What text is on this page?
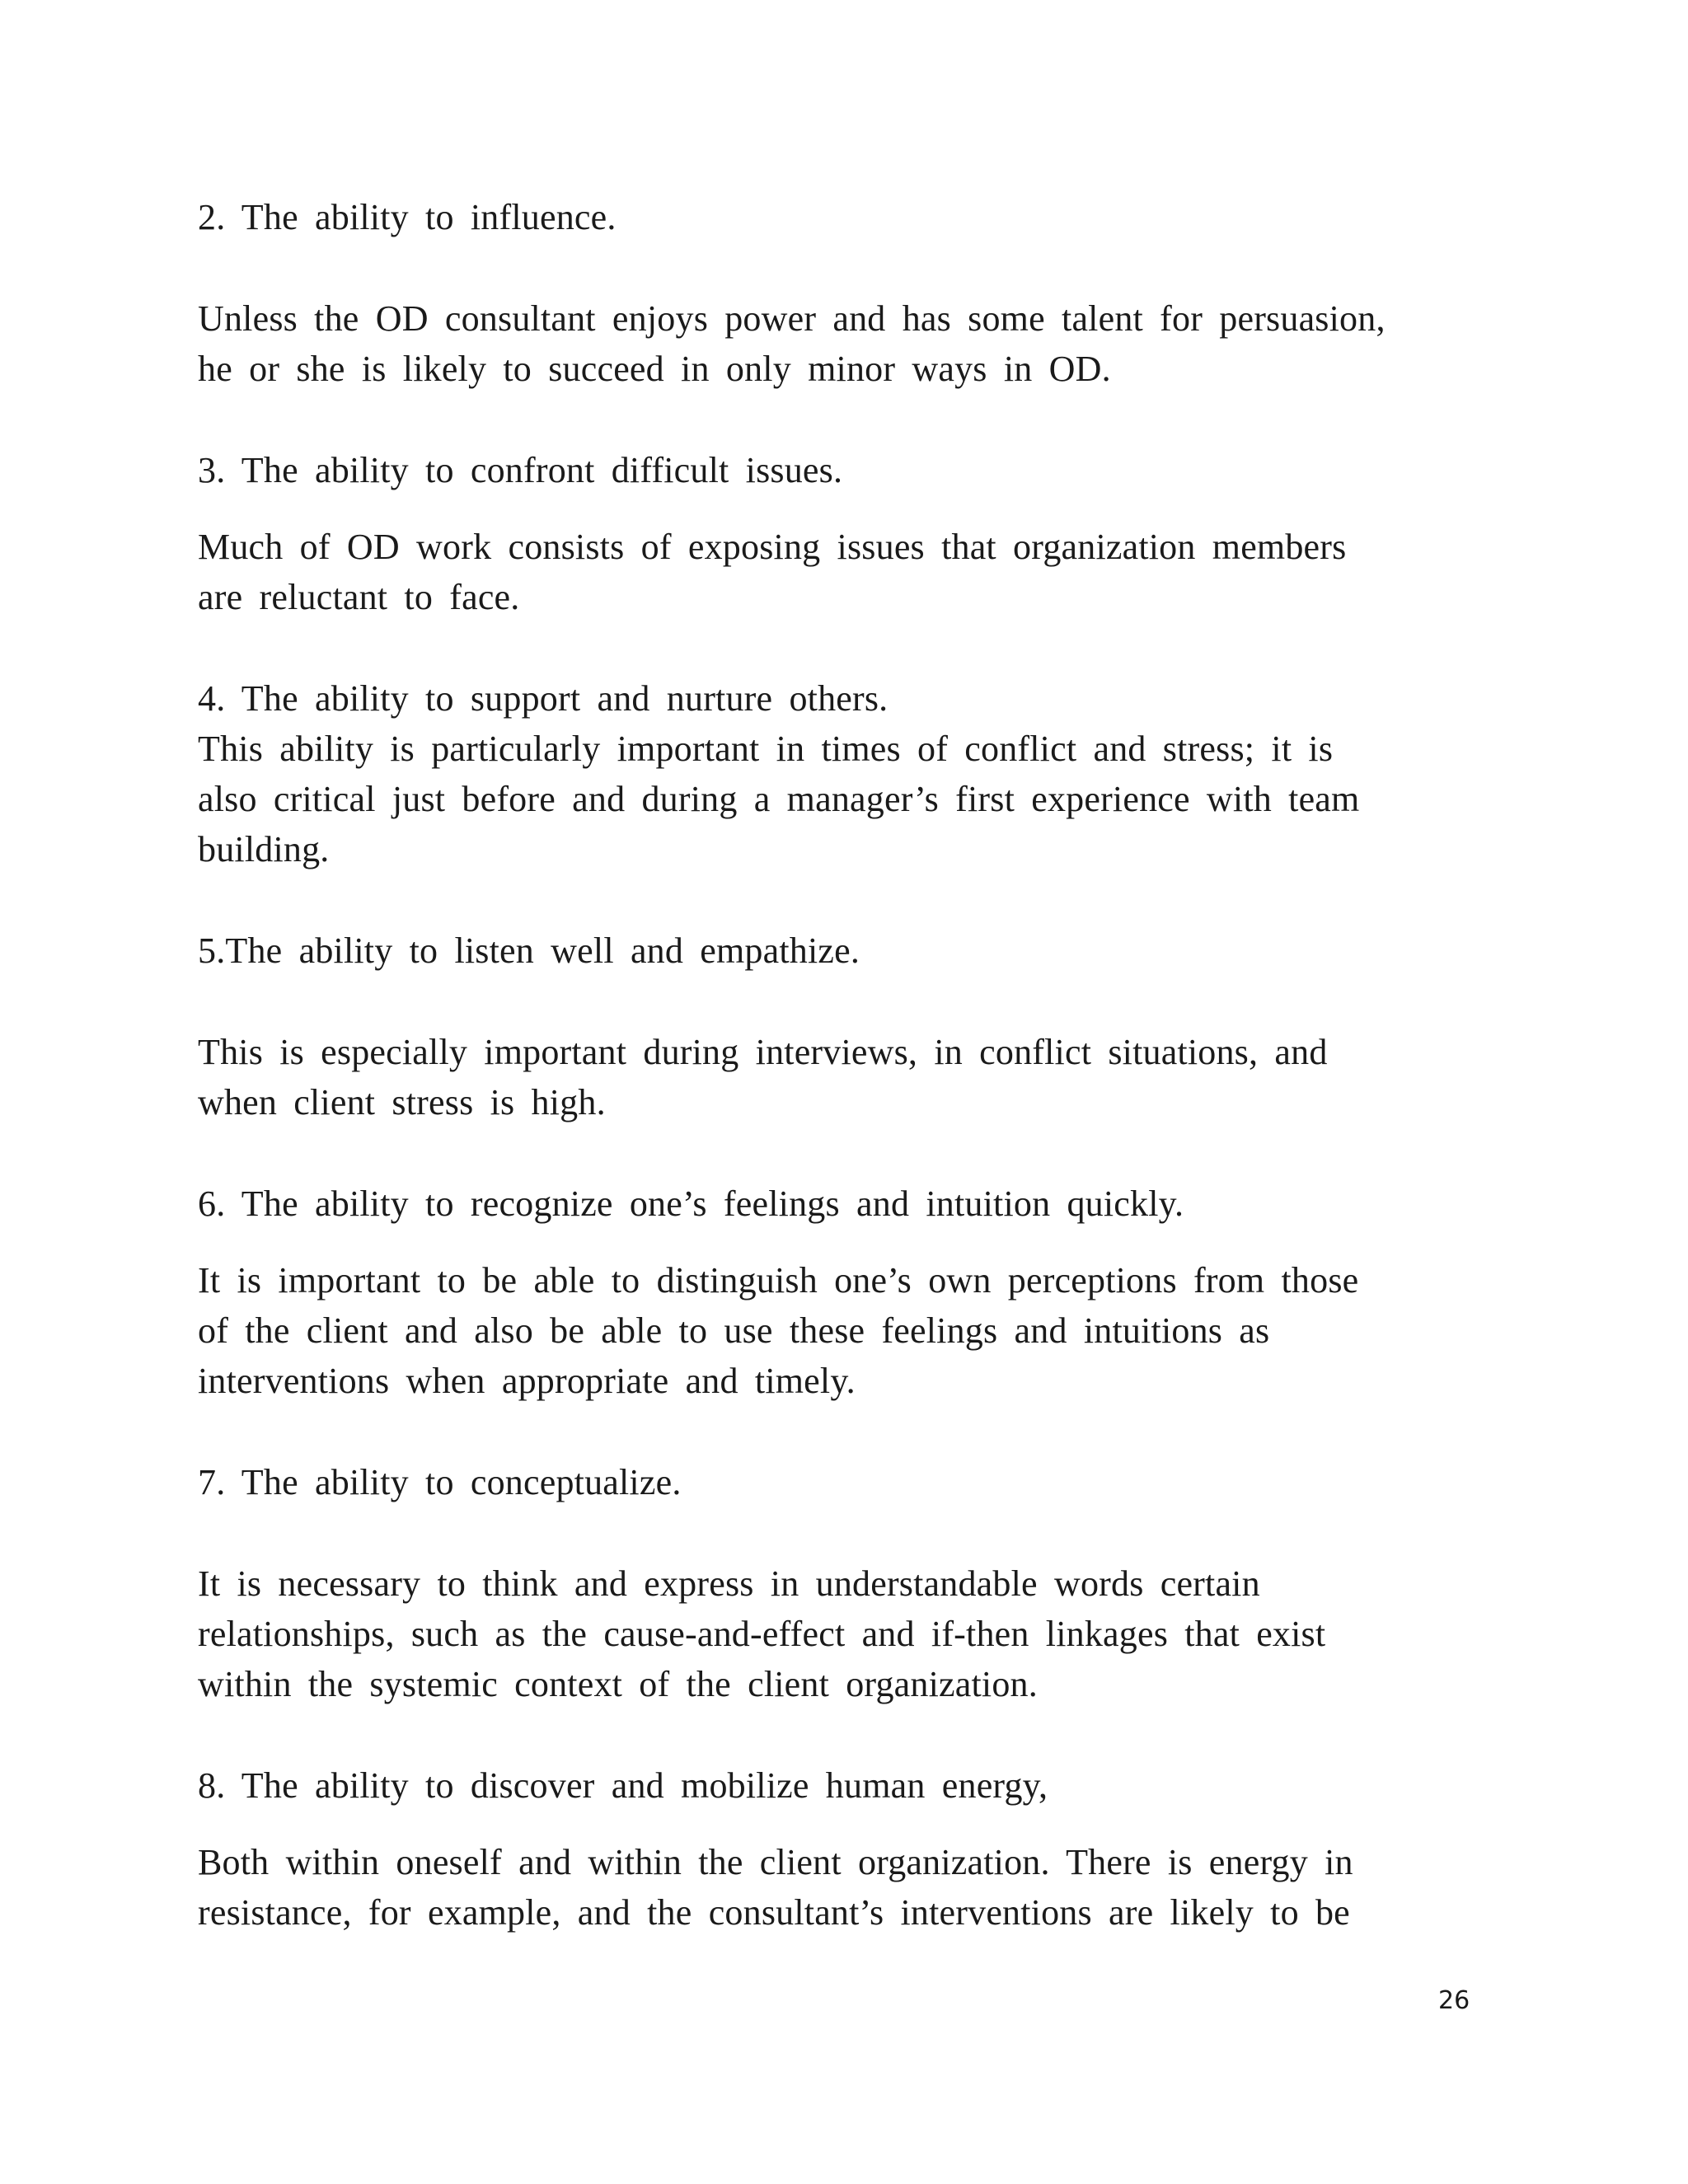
2. The ability to influence.

Unless the OD consultant enjoys power and has some talent for persuasion,

he or she is likely to succeed in only minor ways in OD.

3. The ability to confront difficult issues.

Much of OD work consists of exposing issues that organization members

are reluctant to face.

4. The ability to support and nurture others.

This ability is particularly important in times of conflict and stress; it is

also critical just before and during a manager’s first experience with team

building.

5.The ability to listen well and empathize.

This is especially important during interviews, in conflict situations, and

when client stress is high.

6. The ability to recognize one’s feelings and intuition quickly.

It is important to be able to distinguish one’s own perceptions from those

of the client and also be able to use these feelings and intuitions as

interventions when appropriate and timely.

7. The ability to conceptualize.

It is necessary to think and express in understandable words certain

relationships, such as the cause-and-effect and if-then linkages that exist

within the systemic context of the client organization.

8. The ability to discover and mobilize human energy,

Both within oneself and within the client organization. There is energy in

resistance, for example, and the consultant’s interventions are likely to be

26
